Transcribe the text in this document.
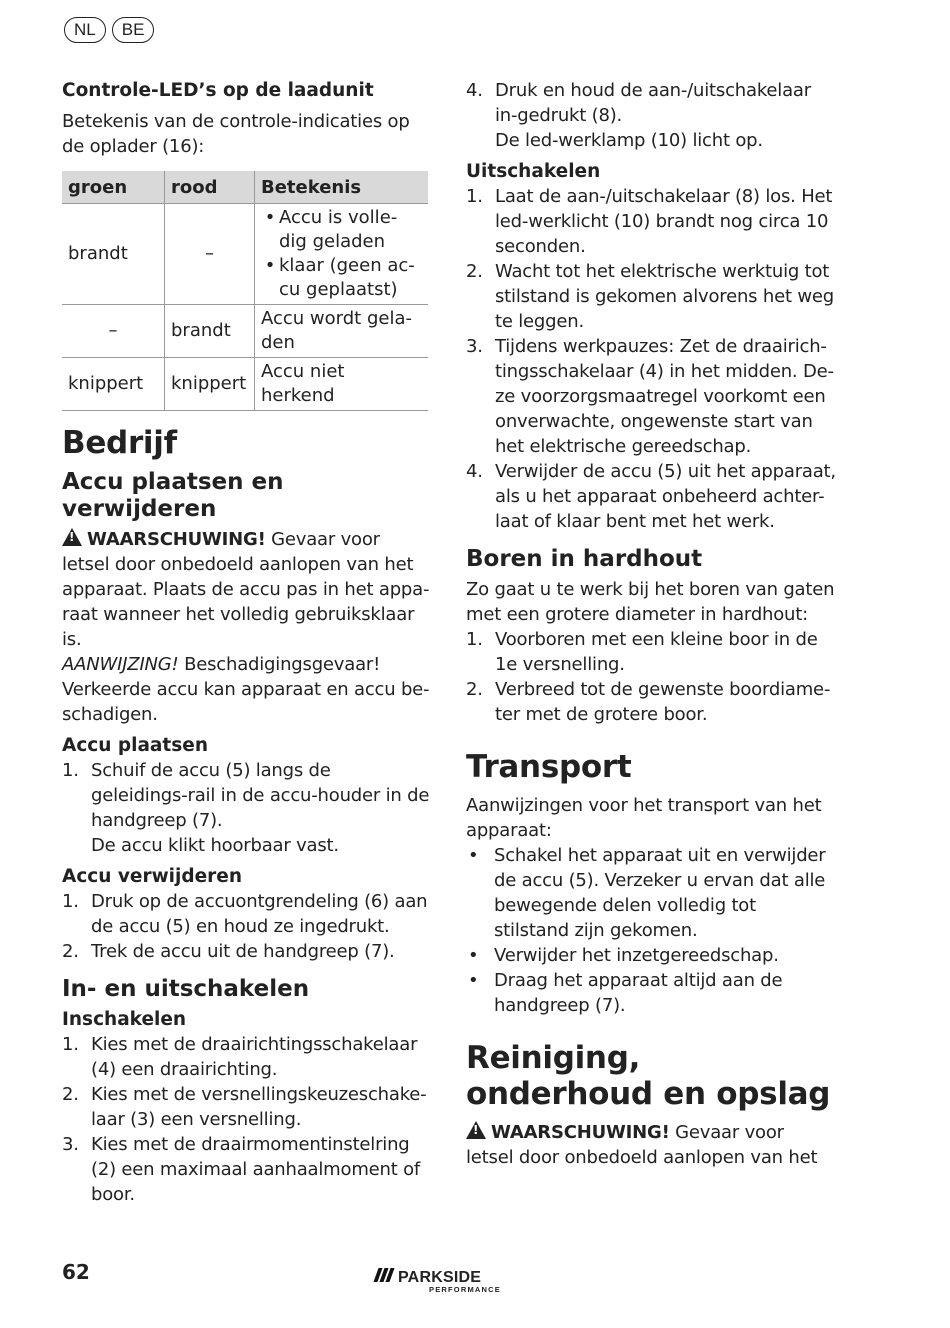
NL	BE
Controle-LED’s op de laadunit

Betekenis van de controle-indicaties op de oplader (16):

groen	rood	Betekenis
brandt	–	• Accu is volle-dig geladen
• klaar (geen ac-cu geplaatst)

–	brandt	Accu wordt gela-den
knippert	knippert	Accu niet herkend
Bedrijf
Accu plaatsen en verwijderen

!WAARSCHUWING! Gevaar voor letsel door onbedoeld aanlopen van het apparaat. Plaats de accu pas in het appa-raat wanneer het volledig gebruiksklaar is.

AANWIJZING! Beschadigingsgevaar! Verkeerde accu kan apparaat en accu be-schadigen.

Accu plaatsen
1. Schuif de accu (5) langs de geleidings-rail in de accu-houder in de handgreep (7).

De accu klikt hoorbaar vast.

Accu verwijderen
1. Druk op de accuontgrendeling (6) aan de accu (5) en houd ze ingedrukt.
2. Trek de accu uit de handgreep (7).
In- en uitschakelen
Inschakelen
1. Kies met de draairichtingsschakelaar (4) een draairichting.
2. Kies met de versnellingskeuzeschake-laar (3) een versnelling.
3. Kies met de draairmomentinstelring (2) een maximaal aanhaalmoment of boor.
4. Druk en houd de aan-/uitschakelaar in-gedrukt (8).

De led-werklamp (10) licht op.

Uitschakelen
1. Laat de aan-/uitschakelaar (8) los. Het led-werklicht (10) brandt nog circa 10 seconden.
2. Wacht tot het elektrische werktuig tot stilstand is gekomen alvorens het weg te leggen.
3. Tijdens werkpauzes: Zet de draairich-tingsschakelaar (4) in het midden. De-ze voorzorgsmaatregel voorkomt een onverwachte, ongewenste start van het elektrische gereedschap.
4. Verwijder de accu (5) uit het apparaat, als u het apparaat onbeheerd achter-laat of klaar bent met het werk.
Boren in hardhout

Zo gaat u te werk bij het boren van gaten met een grotere diameter in hardhout:

1. Voorboren met een kleine boor in de 1e versnelling.
2. Verbreed tot de gewenste boordiame-ter met de grotere boor.
Transport

Aanwijzingen voor het transport van het apparaat:

• Schakel het apparaat uit en verwijder de accu (5). Verzeker u ervan dat alle bewegende delen volledig tot stilstand zijn gekomen.
• Verwijder het inzetgereedschap.
• Draag het apparaat altijd aan de handgreep (7).
Reiniging, onderhoud en opslag

!WAARSCHUWING! Gevaar voor letsel door onbedoeld aanlopen van het

62	PARKSIDE
PERFORMANCE
